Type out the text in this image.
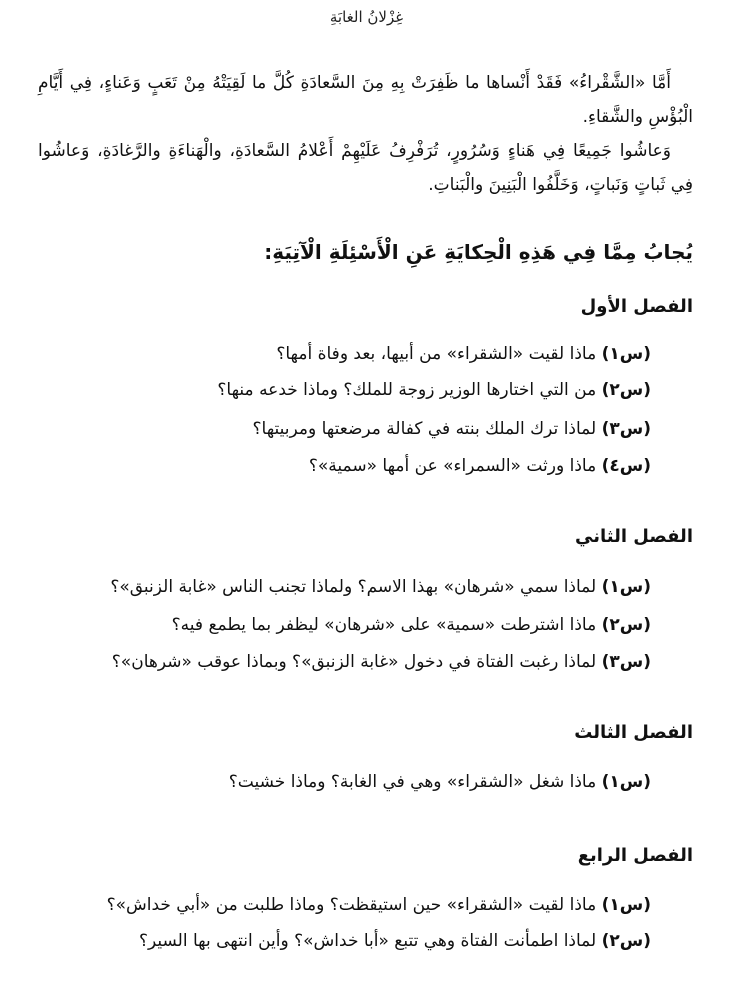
غِزْلانُ الغابَةِ

أَمَّا «الشَّقْراءُ» فَقَدْ أَنْساها ما ظَفِرَتْ بِهِ مِنَ السَّعادَةِ كُلَّ ما لَقِيَتْهُ مِنْ تَعَبٍ وَعَناءٍ، فِي أَيَّامِ الْبُؤْسِ والشَّقاءِ.

وَعاشُوا جَمِيعًا فِي هَناءٍ وَسُرُورٍ، تُرَفْرِفُ عَلَيْهِمْ أَعْلامُ السَّعادَةِ، والْهَناءَةِ والرَّغادَةِ، وَعاشُوا فِي ثَباتٍ وَنَباتٍ، وَخَلَّفُوا الْبَنِينَ والْبَناتِ.

يُجابُ مِمَّا فِي هَذِهِ الْحِكايَةِ عَنِ الْأَسْئِلَةِ الْآتِيَةِ:

الفصل الأول

(س١) ماذا لقيت «الشقراء» من أبيها، بعد وفاة أمها؟

(س٢) من التي اختارها الوزير زوجة للملك؟ وماذا خدعه منها؟

(س٣) لماذا ترك الملك بنته في كفالة مرضعتها ومربيتها؟

(س٤) ماذا ورثت «السمراء» عن أمها «سمية»؟

الفصل الثاني

(س١) لماذا سمي «شرهان» بهذا الاسم؟ ولماذا تجنب الناس «غابة الزنبق»؟

(س٢) ماذا اشترطت «سمية» على «شرهان» ليظفر بما يطمع فيه؟

(س٣) لماذا رغبت الفتاة في دخول «غابة الزنبق»؟ وبماذا عوقب «شرهان»؟

الفصل الثالث

(س١) ماذا شغل «الشقراء» وهي في الغابة؟ وماذا خشيت؟

الفصل الرابع

(س١) ماذا لقيت «الشقراء» حين استيقظت؟ وماذا طلبت من «أبي خداش»؟

(س٢) لماذا اطمأنت الفتاة وهي تتبع «أبا خداش»؟ وأين انتهى بها السير؟
